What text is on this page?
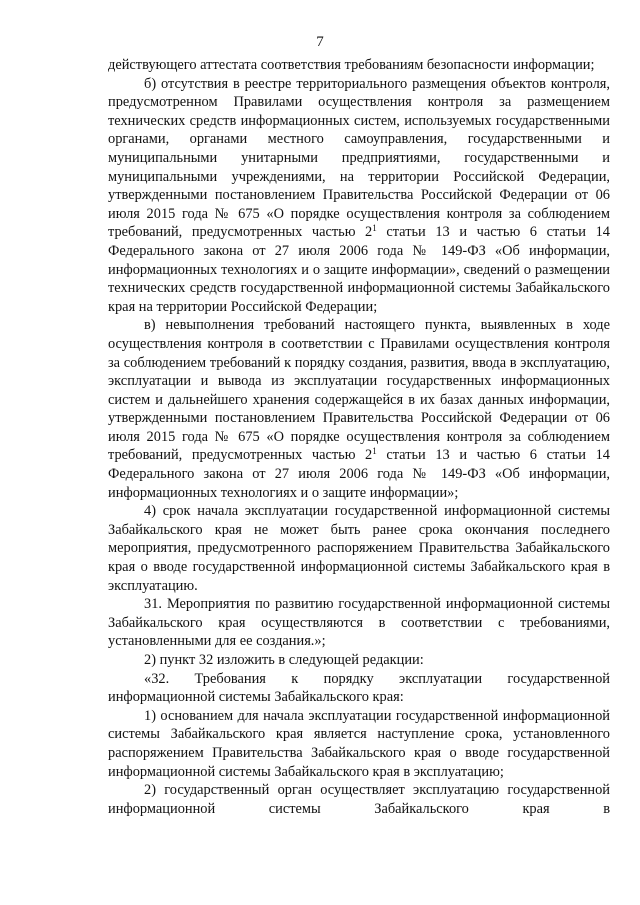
7

действующего аттестата соответствия требованиям безопасности информации;

б) отсутствия в реестре территориального размещения объектов контроля, предусмотренном Правилами осуществления контроля за размещением технических средств информационных систем, используемых государственными органами, органами местного самоуправления, государственными и муниципальными унитарными предприятиями, государственными и муниципальными учреждениями, на территории Российской Федерации, утвержденными постановлением Правительства Российской Федерации от 06 июля 2015 года № 675 «О порядке осуществления контроля за соблюдением требований, предусмотренных частью $2^1$ статьи 13 и частью 6 статьи 14 Федерального закона от 27 июля 2006 года № 149-ФЗ «Об информации, информационных технологиях и о защите информации», сведений о размещении технических средств государственной информационной системы Забайкальского края на территории Российской Федерации;

в) невыполнения требований настоящего пункта, выявленных в ходе осуществления контроля в соответствии с Правилами осуществления контроля за соблюдением требований к порядку создания, развития, ввода в эксплуатацию, эксплуатации и вывода из эксплуатации государственных информационных систем и дальнейшего хранения содержащейся в их базах данных информации, утвержденными постановлением Правительства Российской Федерации от 06 июля 2015 года № 675 «О порядке осуществления контроля за соблюдением требований, предусмотренных частью $2^1$ статьи 13 и частью 6 статьи 14 Федерального закона от 27 июля 2006 года № 149-ФЗ «Об информации, информационных технологиях и о защите информации»;

4) срок начала эксплуатации государственной информационной системы Забайкальского края не может быть ранее срока окончания последнего мероприятия, предусмотренного распоряжением Правительства Забайкальского края о вводе государственной информационной системы Забайкальского края в эксплуатацию.

31. Мероприятия по развитию государственной информационной системы Забайкальского края осуществляются в соответствии с требованиями, установленными для ее создания.»;

2) пункт 32 изложить в следующей редакции:

«32. Требования к порядку эксплуатации государственной информационной системы Забайкальского края:

1) основанием для начала эксплуатации государственной информационной системы Забайкальского края является наступление срока, установленного распоряжением Правительства Забайкальского края о вводе государственной информационной системы Забайкальского края в эксплуатацию;

2) государственный орган осуществляет эксплуатацию государственной информационной системы Забайкальского края в
